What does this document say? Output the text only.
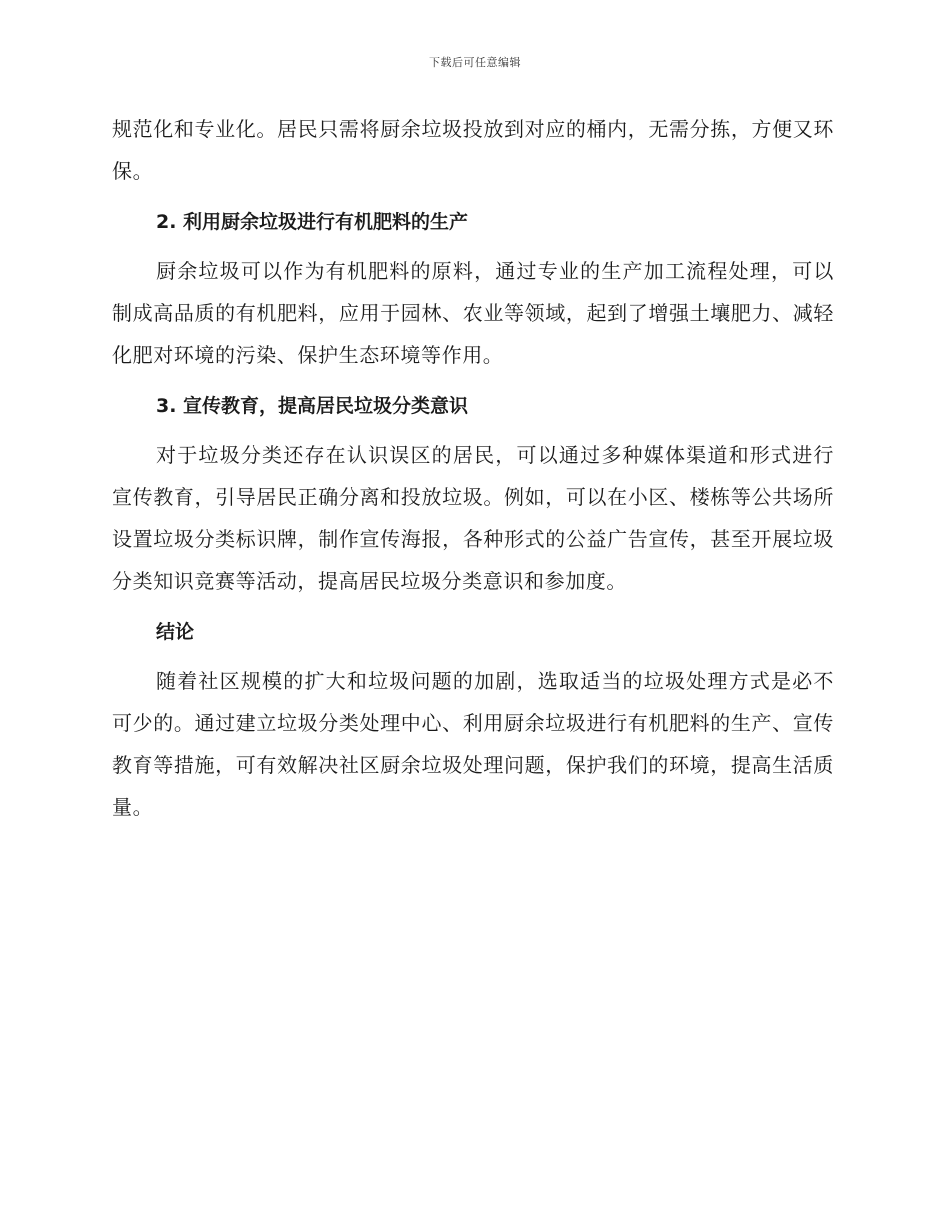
下载后可任意编辑

规范化和专业化。居民只需将厨余垃圾投放到对应的桶内，无需分拣，方便又环保。

2. 利用厨余垃圾进行有机肥料的生产

厨余垃圾可以作为有机肥料的原料，通过专业的生产加工流程处理，可以制成高品质的有机肥料，应用于园林、农业等领域，起到了增强土壤肥力、减轻化肥对环境的污染、保护生态环境等作用。

3. 宣传教育，提高居民垃圾分类意识

对于垃圾分类还存在认识误区的居民，可以通过多种媒体渠道和形式进行宣传教育，引导居民正确分离和投放垃圾。例如，可以在小区、楼栋等公共场所设置垃圾分类标识牌，制作宣传海报，各种形式的公益广告宣传，甚至开展垃圾分类知识竞赛等活动，提高居民垃圾分类意识和参加度。

结论

随着社区规模的扩大和垃圾问题的加剧，选取适当的垃圾处理方式是必不可少的。通过建立垃圾分类处理中心、利用厨余垃圾进行有机肥料的生产、宣传教育等措施，可有效解决社区厨余垃圾处理问题，保护我们的环境，提高生活质量。
